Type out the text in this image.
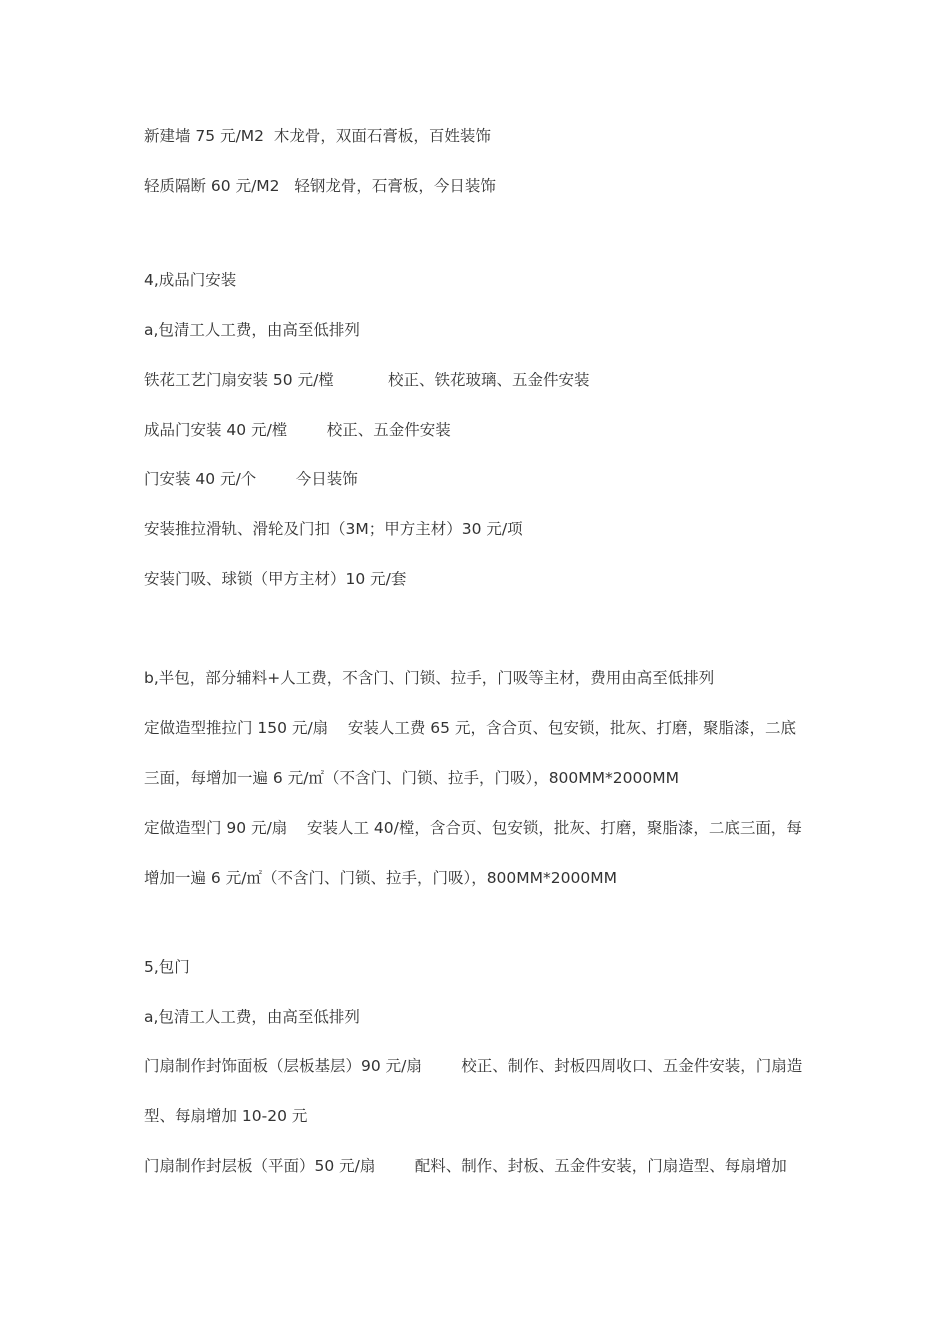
新建墙 75 元/M2  木龙骨，双面石膏板，百姓装饰
轻质隔断 60 元/M2   轻钢龙骨，石膏板，今日装饰
4,成品门安装
a,包清工人工费，由高至低排列
铁花工艺门扇安装 50 元/樘           校正、铁花玻璃、五金件安装
成品门安装 40 元/樘        校正、五金件安装
门安装 40 元/个        今日装饰
安装推拉滑轨、滑轮及门扣（3M；甲方主材）30 元/项
安装门吸、球锁（甲方主材）10 元/套
b,半包，部分辅料+人工费，不含门、门锁、拉手，门吸等主材，费用由高至低排列
定做造型推拉门 150 元/扇    安装人工费 65 元，含合页、包安锁，批灰、打磨，聚脂漆，二底
三面，每增加一遍 6 元/㎡（不含门、门锁、拉手，门吸），800MM*2000MM
定做造型门 90 元/扇    安装人工 40/樘，含合页、包安锁，批灰、打磨，聚脂漆，二底三面，每
增加一遍 6 元/㎡（不含门、门锁、拉手，门吸），800MM*2000MM
5,包门
a,包清工人工费，由高至低排列
门扇制作封饰面板（层板基层）90 元/扇        校正、制作、封板四周收口、五金件安装，门扇造
型、每扇增加 10-20 元
门扇制作封层板（平面）50 元/扇        配料、制作、封板、五金件安装，门扇造型、每扇增加
